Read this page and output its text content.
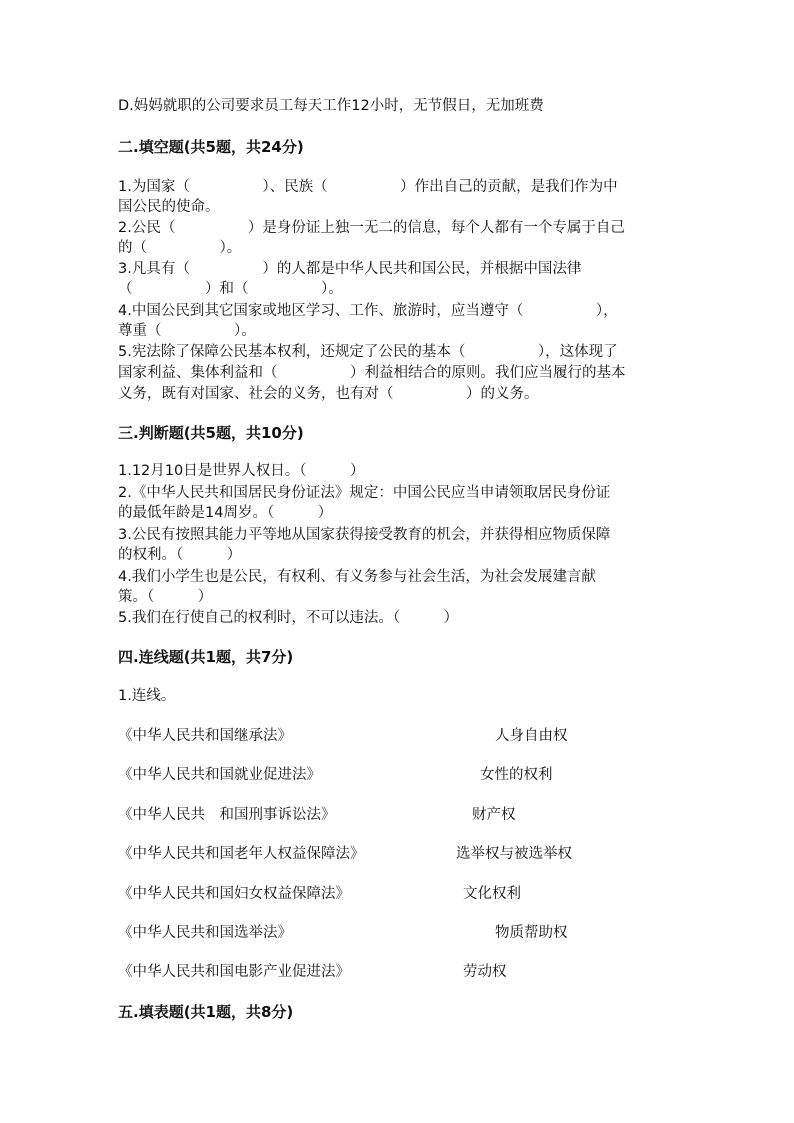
D.妈妈就职的公司要求员工每天工作12小时，无节假日，无加班费
二.填空题(共5题，共24分)
1.为国家（　　　　　）、民族（　　　　　）作出自己的贡献，是我们作为中
国公民的使命。
2.公民（　　　　　）是身份证上独一无二的信息，每个人都有一个专属于自己
的（　　　　　）。
3.凡具有（　　　　　）的人都是中华人民共和国公民，并根据中国法律
（　　　　　）和（　　　　　）。
4.中国公民到其它国家或地区学习、工作、旅游时，应当遵守（　　　　　），
尊重（　　　　　）。
5.宪法除了保障公民基本权利，还规定了公民的基本（　　　　　），这体现了
国家利益、集体利益和（　　　　　）利益相结合的原则。我们应当履行的基本
义务，既有对国家、社会的义务，也有对（　　　　　）的义务。
三.判断题(共5题，共10分)
1.12月10日是世界人权日。（　　　）
2.《中华人民共和国居民身份证法》规定：中国公民应当申请领取居民身份证
的最低年龄是14周岁。（　　　）
3.公民有按照其能力平等地从国家获得接受教育的机会，并获得相应物质保障
的权利。（　　　）
4.我们小学生也是公民，有权利、有义务参与社会生活，为社会发展建言献
策。（　　　）
5.我们在行使自己的权利时，不可以违法。（　　　）
四.连线题(共1题，共7分)
1.连线。
《中华人民共和国继承法》	人身自由权
《中华人民共和国就业促进法》	女性的权利
《中华人民共　和国刑事诉讼法》	财产权
《中华人民共和国老年人权益保障法》	选举权与被选举权
《中华人民共和国妇女权益保障法》	文化权利
《中华人民共和国选举法》	物质帮助权
《中华人民共和国电影产业促进法》	劳动权
五.填表题(共1题，共8分)
